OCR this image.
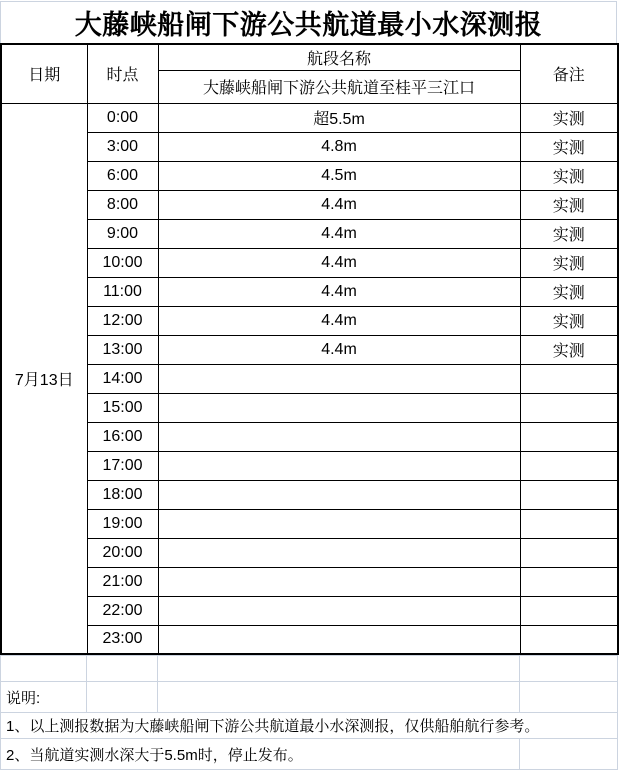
大藤峡船闸下游公共航道最小水深测报
日期	时点	航段名称	备注
		大藤峡船闸下游公共航道至桂平三江口	
7月13日	0:00	超5.5m	实测
	3:00	4.8m	实测
	6:00	4.5m	实测
	8:00	4.4m	实测
	9:00	4.4m	实测
	10:00	4.4m	实测
	11:00	4.4m	实测
	12:00	4.4m	实测
	13:00	4.4m	实测
	14:00		
	15:00		
	16:00		
	17:00		
	18:00		
	19:00		
	20:00		
	21:00		
	22:00		
	23:00		

说明:			
1、以上测报数据为大藤峡船闸下游公共航道最小水深测报，仅供船舶航行参考。			
2、当航道实测水深大于5.5m时，停止发布。			
